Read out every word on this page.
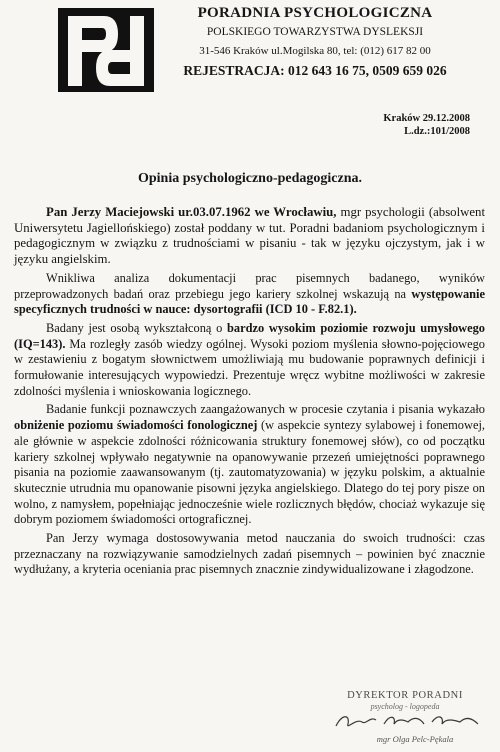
PORADNIA PSYCHOLOGICZNA
POLSKIEGO TOWARZYSTWA DYSLEKSJI
31-546 Kraków ul.Mogilska 80, tel: (012) 617 82 00
REJESTRACJA: 012 643 16 75, 0509 659 026
Kraków 29.12.2008
L.dz.:101/2008
Opinia psychologiczno-pedagogiczna.

Pan Jerzy Maciejowski ur.03.07.1962 we Wrocławiu, mgr psychologii (absolwent Uniwersytetu Jagiellońskiego) został poddany w tut. Poradni badaniom psychologicznym i pedagogicznym w związku z trudnościami w pisaniu - tak w języku ojczystym, jak i w języku angielskim.

Wnikliwa analiza dokumentacji prac pisemnych badanego, wyników przeprowadzonych badań oraz przebiegu jego kariery szkolnej wskazują na występowanie specyficznych trudności w nauce: dysortografii (ICD 10 - F.82.1).

Badany jest osobą wykształconą o bardzo wysokim poziomie rozwoju umysłowego (IQ=143). Ma rozległy zasób wiedzy ogólnej. Wysoki poziom myślenia słowno-pojęciowego w zestawieniu z bogatym słownictwem umożliwiają mu budowanie poprawnych definicji i formułowanie interesujących wypowiedzi. Prezentuje wręcz wybitne możliwości w zakresie zdolności myślenia i wnioskowania logicznego.

Badanie funkcji poznawczych zaangażowanych w procesie czytania i pisania wykazało obniżenie poziomu świadomości fonologicznej (w aspekcie syntezy sylabowej i fonemowej, ale głównie w aspekcie zdolności różnicowania struktury fonemowej słów), co od początku kariery szkolnej wpływało negatywnie na opanowywanie przezeń umiejętności poprawnego pisania na poziomie zaawansowanym (tj. zautomatyzowania) w języku polskim, a aktualnie skutecznie utrudnia mu opanowanie pisowni języka angielskiego. Dlatego do tej pory pisze on wolno, z namysłem, popełniając jednocześnie wiele rozlicznych błędów, chociaż wykazuje się dobrym poziomem świadomości ortograficznej.

Pan Jerzy wymaga dostosowywania metod nauczania do swoich trudności: czas przeznaczany na rozwiązywanie samodzielnych zadań pisemnych – powinien być znacznie wydłużany, a kryteria oceniania prac pisemnych znacznie zindywidualizowane i złagodzone.

DYREKTOR PORADNI
psycholog - logopeda
mgr Olga Pelc-Pękala
